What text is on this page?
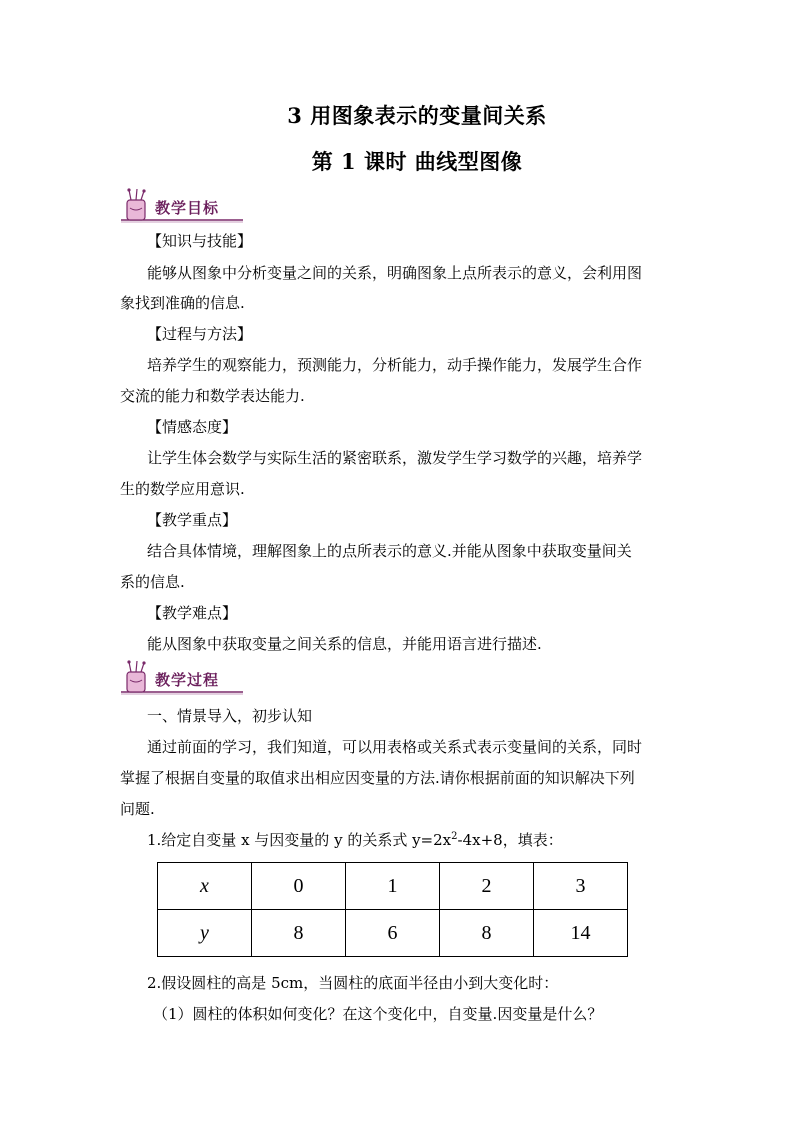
3 用图象表示的变量间关系
第 1 课时 曲线型图像
教学目标
【知识与技能】
能够从图象中分析变量之间的关系，明确图象上点所表示的意义，会利用图
象找到准确的信息.
【过程与方法】
培养学生的观察能力，预测能力，分析能力，动手操作能力，发展学生合作
交流的能力和数学表达能力.
【情感态度】
让学生体会数学与实际生活的紧密联系，激发学生学习数学的兴趣，培养学
生的数学应用意识.
【教学重点】
结合具体情境，理解图象上的点所表示的意义.并能从图象中获取变量间关
系的信息.
【教学难点】
能从图象中获取变量之间关系的信息，并能用语言进行描述.
教学过程
一、情景导入，初步认知
通过前面的学习，我们知道，可以用表格或关系式表示变量间的关系，同时
掌握了根据自变量的取值求出相应因变量的方法.请你根据前面的知识解决下列
问题.
1.给定自变量 x 与因变量的 y 的关系式 $y=2x^2-4x+8$，填表：
x	0	1	2	3
y	8	6	8	14
2.假设圆柱的高是 5cm，当圆柱的底面半径由小到大变化时：
（1）圆柱的体积如何变化？在这个变化中，自变量.因变量是什么？
